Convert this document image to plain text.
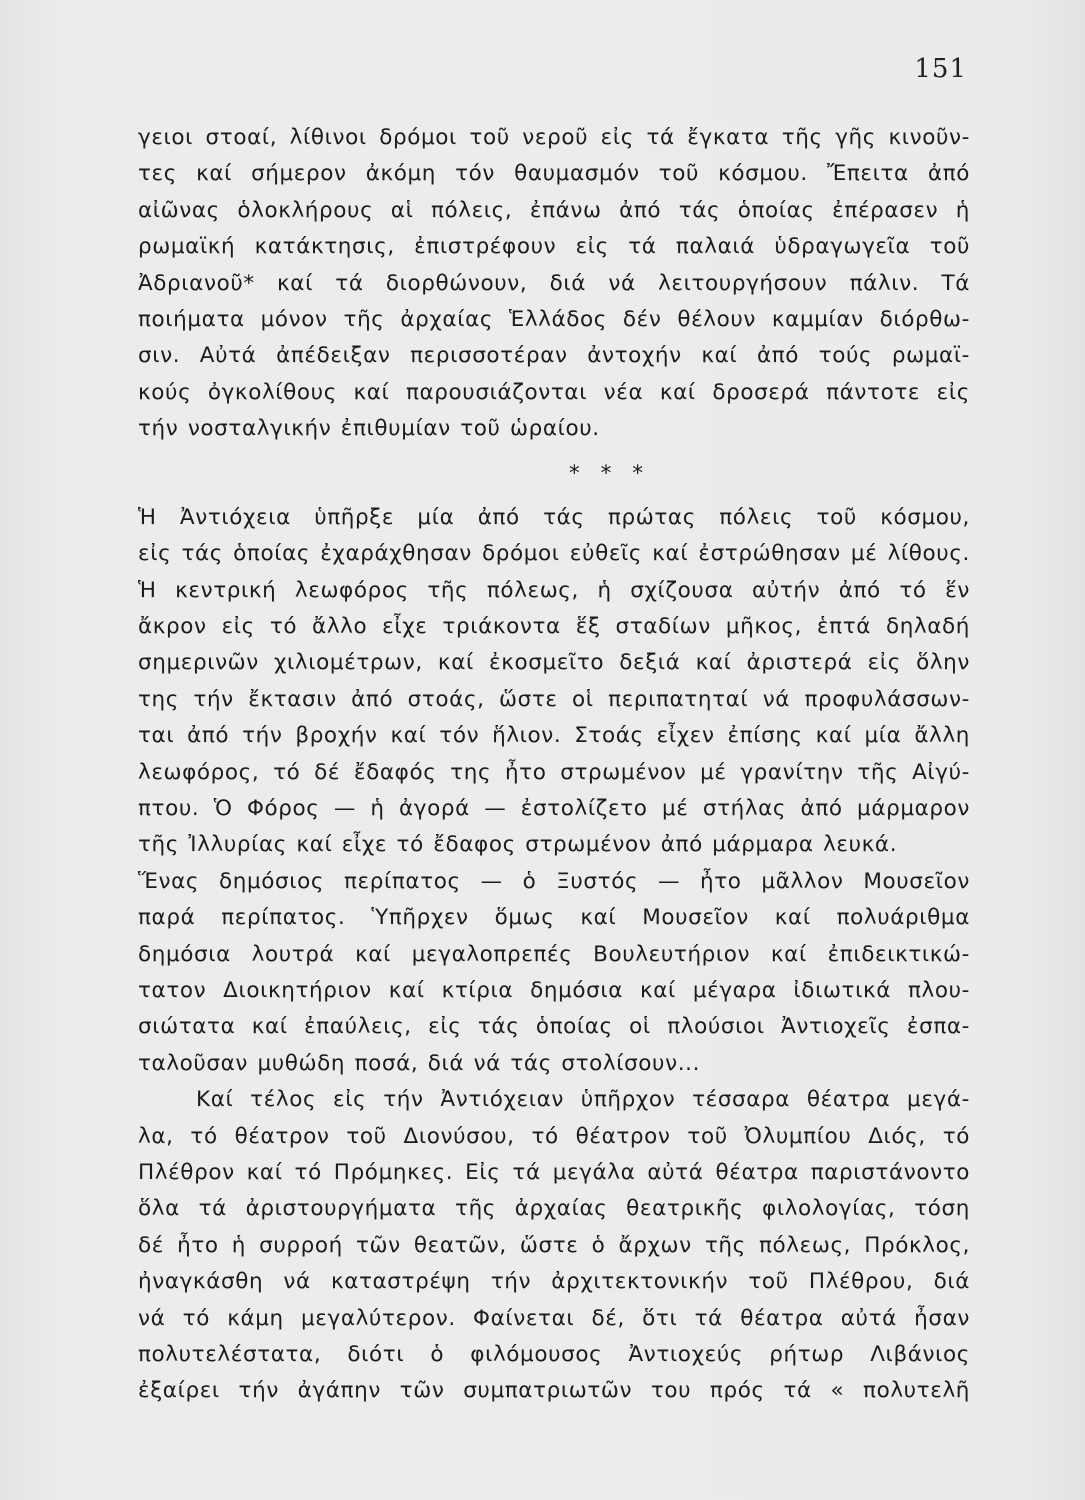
151
γειοι στοαί, λίθινοι δρόμοι τοῦ νεροῦ εἰς τά ἔγκατα τῆς γῆς κινοῦν-
τες καί σήμερον ἀκόμη τόν θαυμασμόν τοῦ κόσμου. Ἔπειτα ἀπό
αἰῶνας ὁλοκλήρους αἱ πόλεις, ἐπάνω ἀπό τάς ὁποίας ἐπέρασεν ἡ
ρωμαϊκή κατάκτησις, ἐπιστρέφουν εἰς τά παλαιά ὑδραγωγεῖα τοῦ
Ἀδριανοῦ* καί τά διορθώνουν, διά νά λειτουργήσουν πάλιν. Τά
ποιήματα μόνον τῆς ἀρχαίας Ἑλλάδος δέν θέλουν καμμίαν διόρθω-
σιν. Αὐτά ἀπέδειξαν περισσοτέραν ἀντοχήν καί ἀπό τούς ρωμαϊ-
κούς ὀγκολίθους καί παρουσιάζονται νέα καί δροσερά πάντοτε εἰς
τήν νοσταλγικήν ἐπιθυμίαν τοῦ ὡραίου.
* * *
Ἡ Ἀντιόχεια ὑπῆρξε μία ἀπό τάς πρώτας πόλεις τοῦ κόσμου,
εἰς τάς ὁποίας ἐχαράχθησαν δρόμοι εὐθεῖς καί ἐστρώθησαν μέ λίθους.
Ἡ κεντρική λεωφόρος τῆς πόλεως, ἡ σχίζουσα αὐτήν ἀπό τό ἕν
ἄκρον εἰς τό ἄλλο εἶχε τριάκοντα ἕξ σταδίων μῆκος, ἑπτά δηλαδή
σημερινῶν χιλιομέτρων, καί ἐκοσμεῖτο δεξιά καί ἀριστερά εἰς ὅλην
της τήν ἔκτασιν ἀπό στοάς, ὥστε οἱ περιπατηταί νά προφυλάσσων-
ται ἀπό τήν βροχήν καί τόν ἥλιον. Στοάς εἶχεν ἐπίσης καί μία ἄλλη
λεωφόρος, τό δέ ἔδαφός της ἦτο στρωμένον μέ γρανίτην τῆς Αἰγύ-
πτου. Ὁ Φόρος — ἡ ἀγορά — ἐστολίζετο μέ στήλας ἀπό μάρμαρον
τῆς Ἰλλυρίας καί εἶχε τό ἔδαφος στρωμένον ἀπό μάρμαρα λευκά.
Ἕνας δημόσιος περίπατος — ὁ Ξυστός — ἦτο μᾶλλον Μουσεῖον
παρά περίπατος. Ὑπῆρχεν ὅμως καί Μουσεῖον καί πολυάριθμα
δημόσια λουτρά καί μεγαλοπρεπές Βουλευτήριον καί ἐπιδεικτικώ-
τατον Διοικητήριον καί κτίρια δημόσια καί μέγαρα ἰδιωτικά πλου-
σιώτατα καί ἐπαύλεις, εἰς τάς ὁποίας οἱ πλούσιοι Ἀντιοχεῖς ἐσπα-
ταλοῦσαν μυθώδη ποσά, διά νά τάς στολίσουν...
Καί τέλος εἰς τήν Ἀντιόχειαν ὑπῆρχον τέσσαρα θέατρα μεγά-
λα, τό θέατρον τοῦ Διονύσου, τό θέατρον τοῦ Ὀλυμπίου Διός, τό
Πλέθρον καί τό Πρόμηκες. Εἰς τά μεγάλα αὐτά θέατρα παριστάνοντο
ὅλα τά ἀριστουργήματα τῆς ἀρχαίας θεατρικῆς φιλολογίας, τόση
δέ ἦτο ἡ συρροή τῶν θεατῶν, ὥστε ὁ ἄρχων τῆς πόλεως, Πρόκλος,
ἠναγκάσθη νά καταστρέψη τήν ἀρχιτεκτονικήν τοῦ Πλέθρου, διά
νά τό κάμη μεγαλύτερον. Φαίνεται δέ, ὅτι τά θέατρα αὐτά ἦσαν
πολυτελέστατα, διότι ὁ φιλόμουσος Ἀντιοχεύς ρήτωρ Λιβάνιος
ἐξαίρει τήν ἀγάπην τῶν συμπατριωτῶν του πρός τά « πολυτελῆ
